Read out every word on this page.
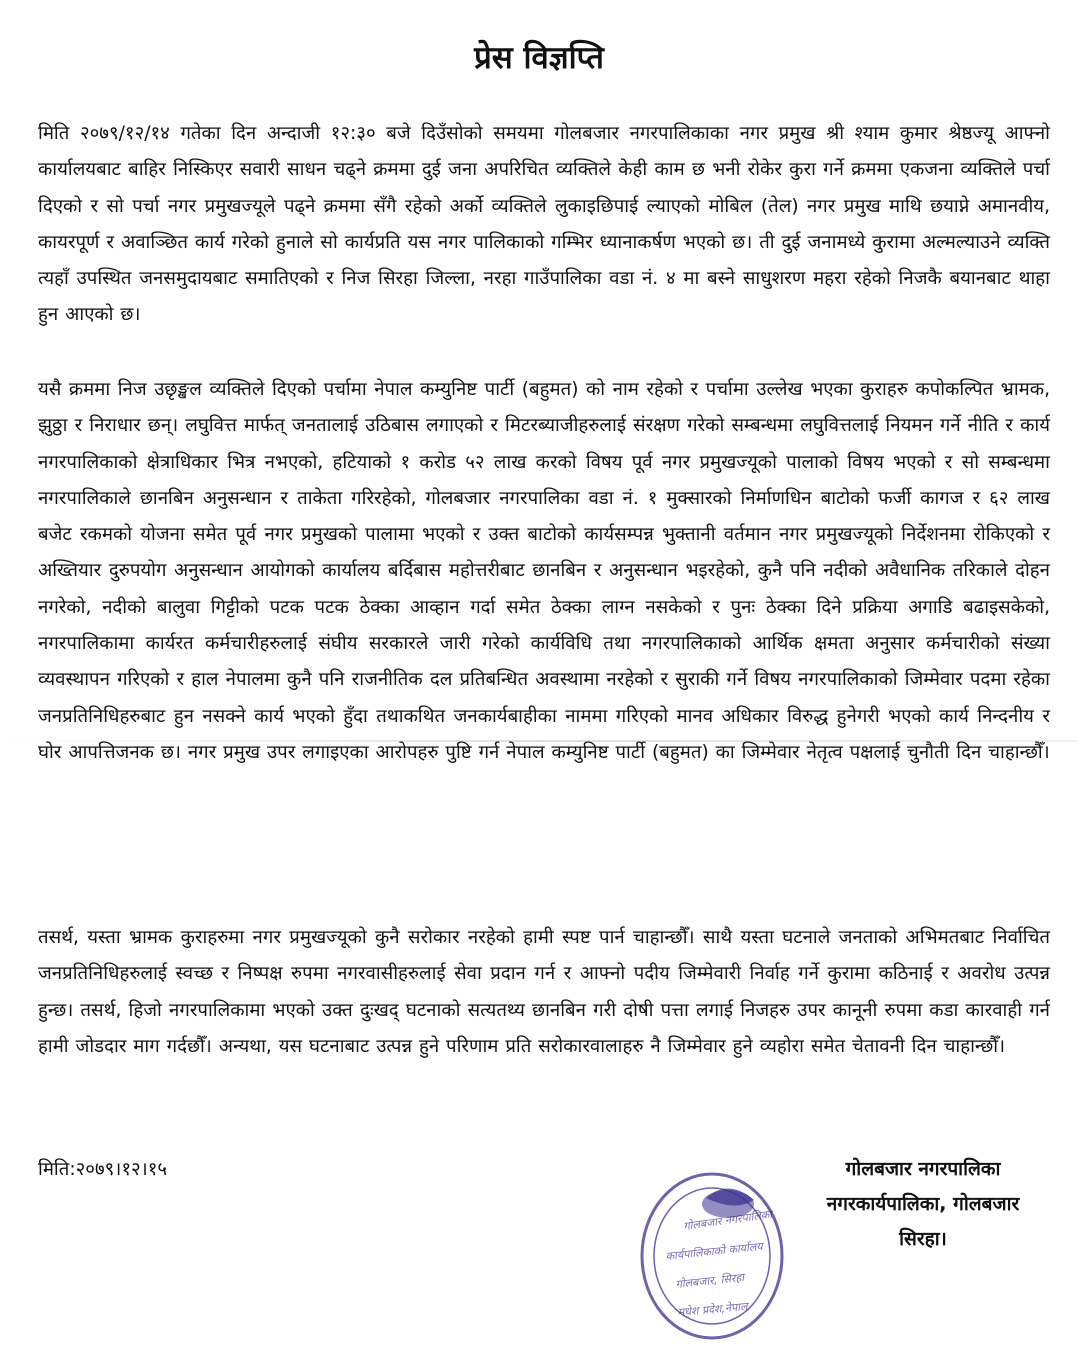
प्रेस विज्ञप्ति

मिति २०७९/१२/१४ गतेका दिन अन्दाजी १२:३० बजे दिउँसोको समयमा गोलबजार नगरपालिकाका नगर प्रमुख श्री श्याम कुमार श्रेष्ठज्यू आफ्नो कार्यालयबाट बाहिर निस्किएर सवारी साधन चढ्ने क्रममा दुई जना अपरिचित व्यक्तिले केही काम छ भनी रोकेर कुरा गर्ने क्रममा एकजना व्यक्तिले पर्चा दिएको र सो पर्चा नगर प्रमुखज्यूले पढ्ने क्रममा सँगै रहेको अर्को व्यक्तिले लुकाइछिपाई ल्याएको मोबिल (तेल) नगर प्रमुख माथि छयाप्ने अमानवीय, कायरपूर्ण र अवाञ्छित कार्य गरेको हुनाले सो कार्यप्रति यस नगर पालिकाको गम्भिर ध्यानाकर्षण भएको छ। ती दुई जनामध्ये कुरामा अल्मल्याउने व्यक्ति त्यहाँ उपस्थित जनसमुदायबाट समातिएको र निज सिरहा जिल्ला, नरहा गाउँपालिका वडा नं. ४ मा बस्ने साधुशरण महरा रहेको निजकै बयानबाट थाहा हुन आएको छ।

यसै क्रममा निज उछृङ्खल व्यक्तिले दिएको पर्चामा नेपाल कम्युनिष्ट पार्टी (बहुमत) को नाम रहेको र पर्चामा उल्लेख भएका कुराहरु कपोकल्पित भ्रामक, झुठ्ठा र निराधार छन्। लघुवित्त मार्फत् जनतालाई उठिबास लगाएको र मिटरब्याजीहरुलाई संरक्षण गरेको सम्बन्धमा लघुवित्तलाई नियमन गर्ने नीति र कार्य नगरपालिकाको क्षेत्राधिकार भित्र नभएको, हटियाको १ करोड ५२ लाख करको विषय पूर्व नगर प्रमुखज्यूको पालाको विषय भएको र सो सम्बन्धमा नगरपालिकाले छानबिन अनुसन्धान र ताकेता गरिरहेको, गोलबजार नगरपालिका वडा नं. १ मुक्सारको निर्माणधिन बाटोको फर्जी कागज र ६२ लाख बजेट रकमको योजना समेत पूर्व नगर प्रमुखको पालामा भएको र उक्त बाटोको कार्यसम्पन्न भुक्तानी वर्तमान नगर प्रमुखज्यूको निर्देशनमा रोकिएको र अख्तियार दुरुपयोग अनुसन्धान आयोगको कार्यालय बर्दिबास महोत्तरीबाट छानबिन र अनुसन्धान भइरहेको, कुनै पनि नदीको अवैधानिक तरिकाले दोहन नगरेको, नदीको बालुवा गिट्टीको पटक पटक ठेक्का आव्हान गर्दा समेत ठेक्का लाग्न नसकेको र पुनः ठेक्का दिने प्रक्रिया अगाडि बढाइसकेको, नगरपालिकामा कार्यरत कर्मचारीहरुलाई संघीय सरकारले जारी गरेको कार्यविधि तथा नगरपालिकाको आर्थिक क्षमता अनुसार कर्मचारीको संख्या व्यवस्थापन गरिएको र हाल नेपालमा कुनै पनि राजनीतिक दल प्रतिबन्धित अवस्थामा नरहेको र सुराकी गर्ने विषय नगरपालिकाको जिम्मेवार पदमा रहेका जनप्रतिनिधिहरुबाट हुन नसक्ने कार्य भएको हुँदा तथाकथित जनकार्यबाहीका नाममा गरिएको मानव अधिकार विरुद्ध हुनेगरी भएको कार्य निन्दनीय र घोर आपत्तिजनक छ। नगर प्रमुख उपर लगाइएका आरोपहरु पुष्टि गर्न नेपाल कम्युनिष्ट पार्टी (बहुमत) का जिम्मेवार नेतृत्व पक्षलाई चुनौती दिन चाहान्छौँ।

तसर्थ, यस्ता भ्रामक कुराहरुमा नगर प्रमुखज्यूको कुनै सरोकार नरहेको हामी स्पष्ट पार्न चाहान्छौँ। साथै यस्ता घटनाले जनताको अभिमतबाट निर्वाचित जनप्रतिनिधिहरुलाई स्वच्छ र निष्पक्ष रुपमा नगरवासीहरुलाई सेवा प्रदान गर्न र आफ्नो पदीय जिम्मेवारी निर्वाह गर्ने कुरामा कठिनाई र अवरोध उत्पन्न हुन्छ। तसर्थ, हिजो नगरपालिकामा भएको उक्त दुःखद् घटनाको सत्यतथ्य छानबिन गरी दोषी पत्ता लगाई निजहरु उपर कानूनी रुपमा कडा कारवाही गर्न हामी जोडदार माग गर्दछौँ। अन्यथा, यस घटनाबाट उत्पन्न हुने परिणाम प्रति सरोकारवालाहरु नै जिम्मेवार हुने व्यहोरा समेत चेतावनी दिन चाहान्छौँ।

मिति:२०७९।१२।१५	गोलबजार नगरपालिका
नगरकार्यपालिका, गोलबजार
सिरहा।
गोलबजार नगरपालिका
कार्यपालिकाको कार्यालय
गोलबजार, सिरहा
मधेश प्रदेश,नेपाल
